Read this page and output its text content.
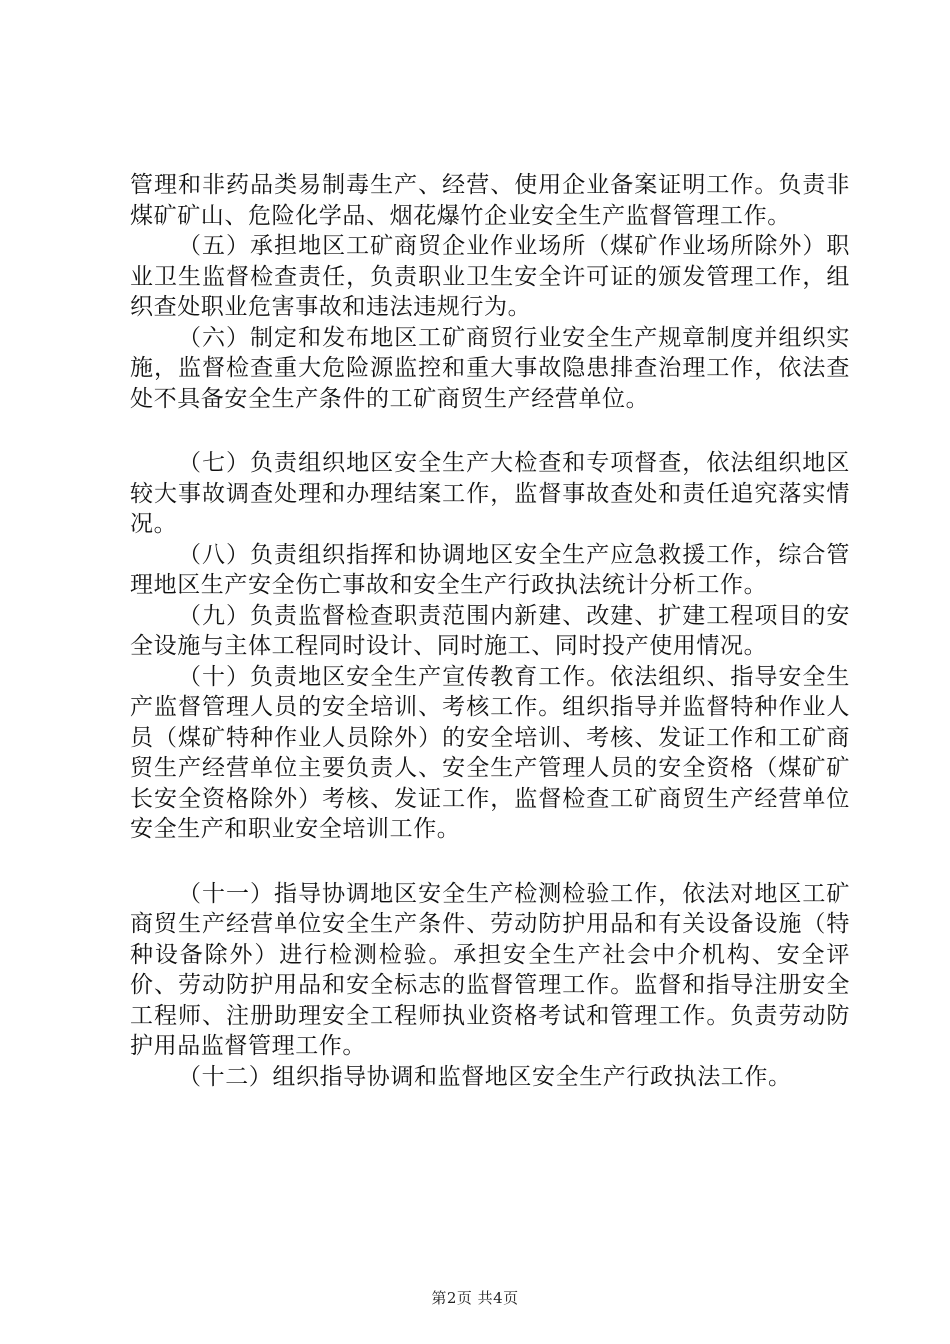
管理和非药品类易制毒生产、经营、使用企业备案证明工作。负责非煤矿矿山、危险化学品、烟花爆竹企业安全生产监督管理工作。

（五）承担地区工矿商贸企业作业场所（煤矿作业场所除外）职业卫生监督检查责任，负责职业卫生安全许可证的颁发管理工作，组织查处职业危害事故和违法违规行为。

（六）制定和发布地区工矿商贸行业安全生产规章制度并组织实施，监督检查重大危险源监控和重大事故隐患排查治理工作，依法查处不具备安全生产条件的工矿商贸生产经营单位。

（七）负责组织地区安全生产大检查和专项督查，依法组织地区较大事故调查处理和办理结案工作，监督事故查处和责任追究落实情况。

（八）负责组织指挥和协调地区安全生产应急救援工作，综合管理地区生产安全伤亡事故和安全生产行政执法统计分析工作。

（九）负责监督检查职责范围内新建、改建、扩建工程项目的安全设施与主体工程同时设计、同时施工、同时投产使用情况。

（十）负责地区安全生产宣传教育工作。依法组织、指导安全生产监督管理人员的安全培训、考核工作。组织指导并监督特种作业人员（煤矿特种作业人员除外）的安全培训、考核、发证工作和工矿商贸生产经营单位主要负责人、安全生产管理人员的安全资格（煤矿矿长安全资格除外）考核、发证工作，监督检查工矿商贸生产经营单位安全生产和职业安全培训工作。

（十一）指导协调地区安全生产检测检验工作，依法对地区工矿商贸生产经营单位安全生产条件、劳动防护用品和有关设备设施（特种设备除外）进行检测检验。承担安全生产社会中介机构、安全评价、劳动防护用品和安全标志的监督管理工作。监督和指导注册安全工程师、注册助理安全工程师执业资格考试和管理工作。负责劳动防护用品监督管理工作。

（十二）组织指导协调和监督地区安全生产行政执法工作。

第2页 共4页
